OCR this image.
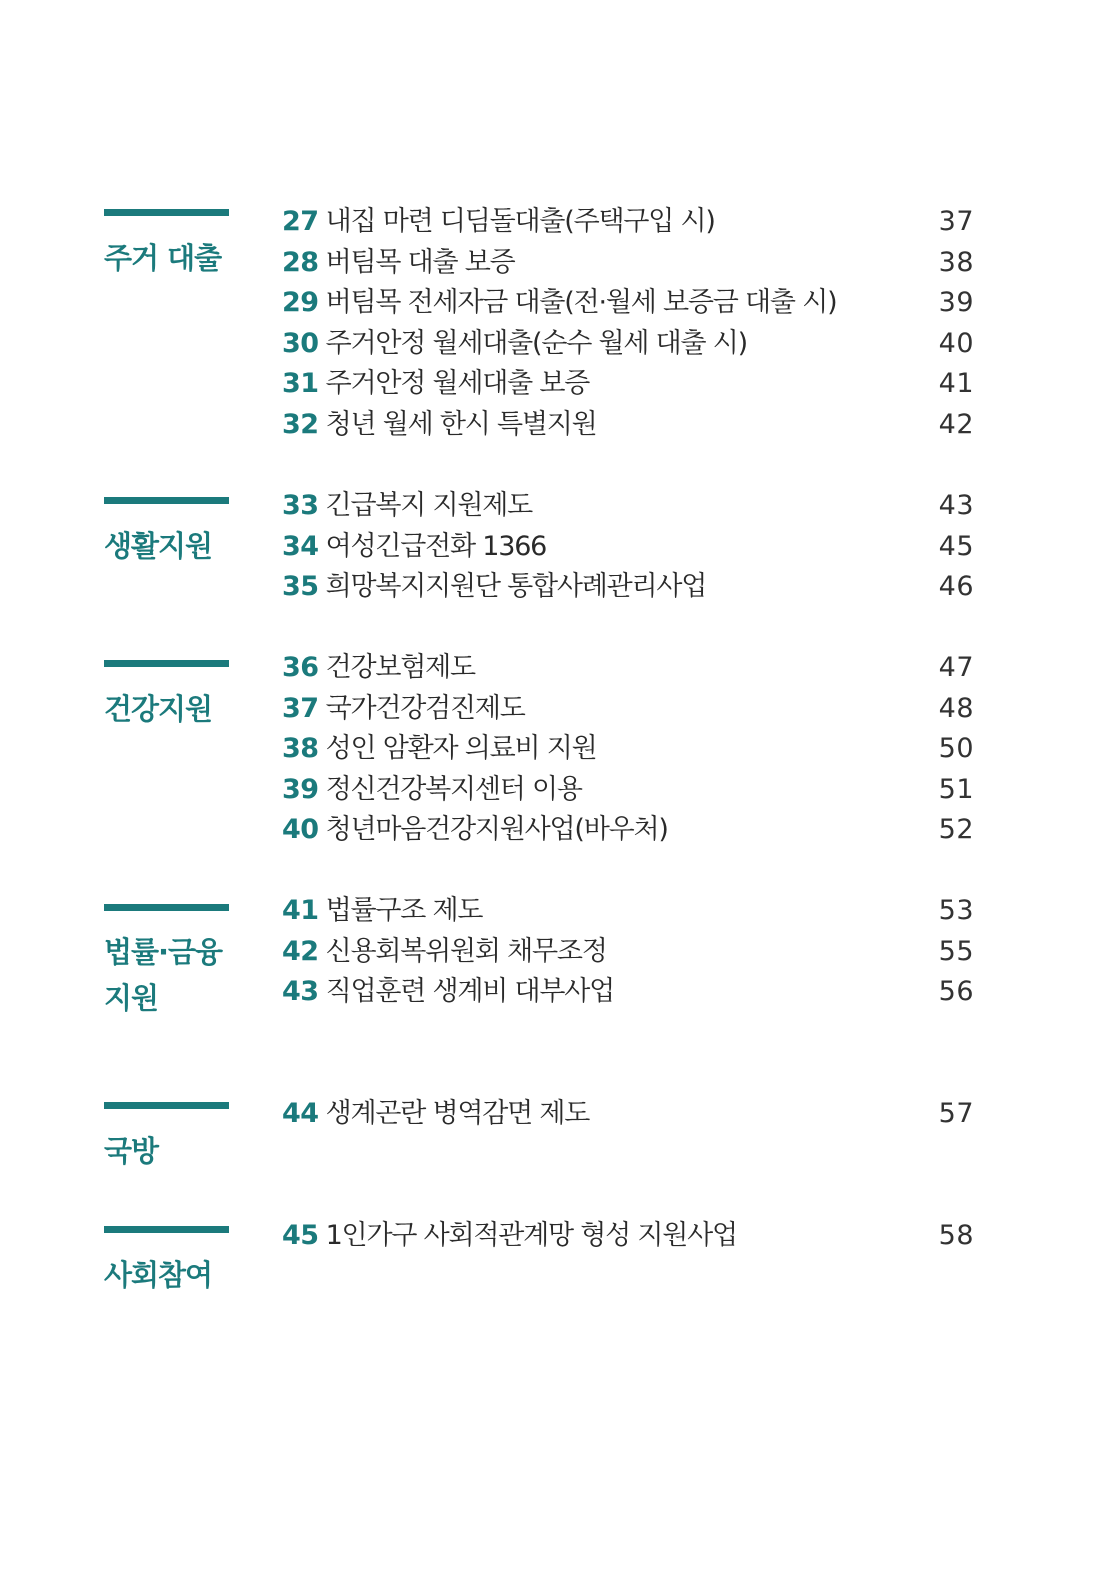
주거 대출
27 내집 마련 디딤돌대출(주택구입 시)	37
28 버팀목 대출 보증	38
29 버팀목 전세자금 대출(전·월세 보증금 대출 시)	39
30 주거안정 월세대출(순수 월세 대출 시)	40
31 주거안정 월세대출 보증	41
32 청년 월세 한시 특별지원	42
생활지원
33 긴급복지 지원제도	43
34 여성긴급전화 1366	45
35 희망복지지원단 통합사례관리사업	46
건강지원
36 건강보험제도	47
37 국가건강검진제도	48
38 성인 암환자 의료비 지원	50
39 정신건강복지센터 이용	51
40 청년마음건강지원사업(바우처)	52
법률·금융
지원
41 법률구조 제도	53
42 신용회복위원회 채무조정	55
43 직업훈련 생계비 대부사업	56
국방
44 생계곤란 병역감면 제도	57
사회참여
45 1인가구 사회적관계망 형성 지원사업	58
